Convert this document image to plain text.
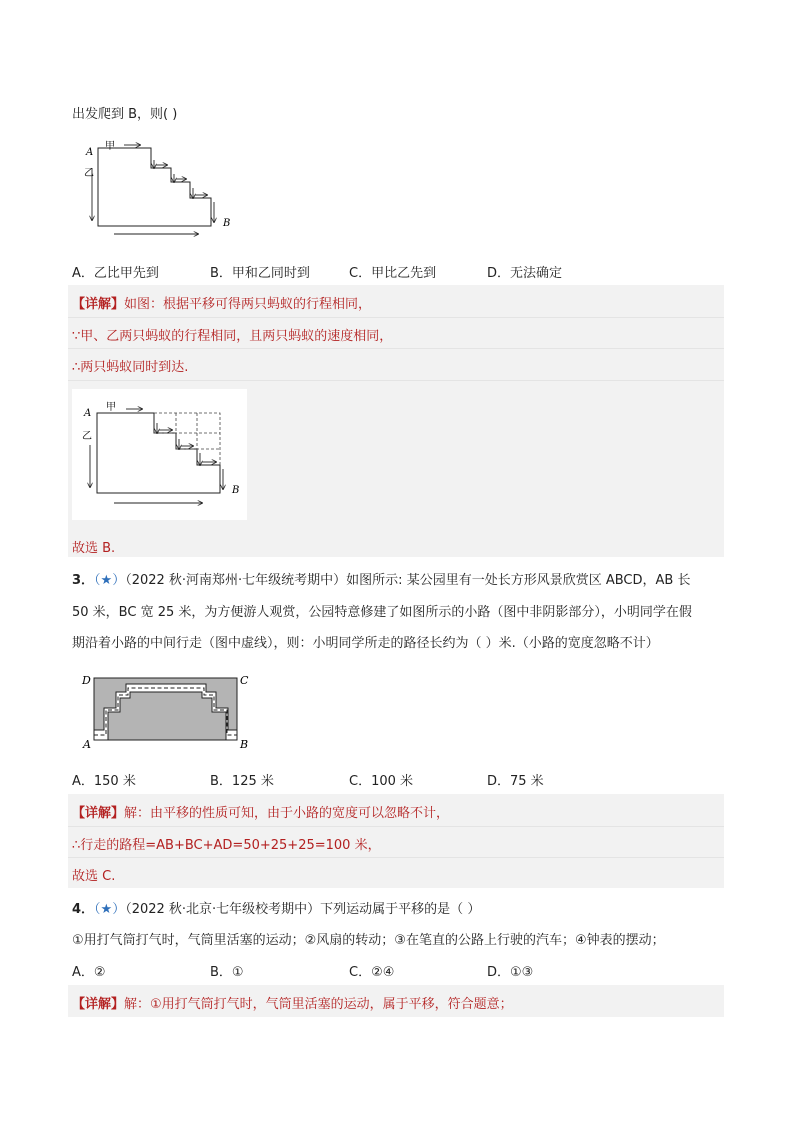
出发爬到 B，则( )
A
甲
乙
B
A．乙比甲先到	B．甲和乙同时到	C．甲比乙先到	D．无法确定
【详解】如图：根据平移可得两只蚂蚁的行程相同，
∵甲、乙两只蚂蚁的行程相同，且两只蚂蚁的速度相同，
∴两只蚂蚁同时到达.
A
甲
乙
B
故选 B.
3．（★）（2022 秋·河南郑州·七年级统考期中）如图所示: 某公园里有一处长方形风景欣赏区 ABCD，AB 长
50 米，BC 宽 25 米，为方便游人观赏，公园特意修建了如图所示的小路（图中非阴影部分），小明同学在假
期沿着小路的中间行走（图中虚线），则：小明同学所走的路径长约为（ ）米.（小路的宽度忽略不计）
D	C
A	B
A．150 米	B．125 米	C．100 米	D．75 米
【详解】解：由平移的性质可知，由于小路的宽度可以忽略不计，
∴行走的路程=AB+BC+AD=50+25+25=100 米，
故选 C.
4．（★）（2022 秋·北京·七年级校考期中）下列运动属于平移的是（ ）
①用打气筒打气时，气筒里活塞的运动；②风扇的转动；③在笔直的公路上行驶的汽车；④钟表的摆动；
A．②	B．①	C．②④	D．①③
【详解】解：①用打气筒打气时，气筒里活塞的运动，属于平移，符合题意；
